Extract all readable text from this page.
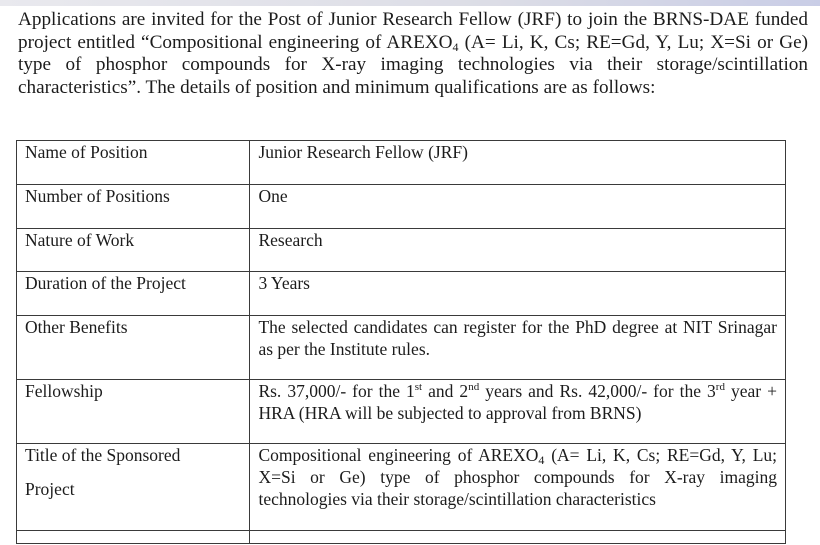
Applications are invited for the Post of Junior Research Fellow (JRF) to join the BRNS-DAE funded project entitled “Compositional engineering of $AREXO_4$ (A= Li, K, Cs; RE=Gd, Y, Lu; X=Si or Ge) type of phosphor compounds for X-ray imaging technologies via their storage/scintillation characteristics”. The details of position and minimum qualifications are as follows:

Name of Position	Junior Research Fellow (JRF)
Number of Positions	One
Nature of Work	Research
Duration of the Project	3 Years
Other Benefits	The selected candidates can register for the PhD degree at NIT Srinagar as per the Institute rules.
Fellowship	Rs. 37,000/- for the 1st and 2nd years and Rs. 42,000/- for the 3rd year + HRA (HRA will be subjected to approval from BRNS)

Title of the Sponsored
Project	Compositional engineering of $AREXO_4$ (A= Li, K, Cs; RE=Gd, Y, Lu; X=Si or Ge) type of phosphor compounds for X-ray imaging technologies via their storage/scintillation characteristics
